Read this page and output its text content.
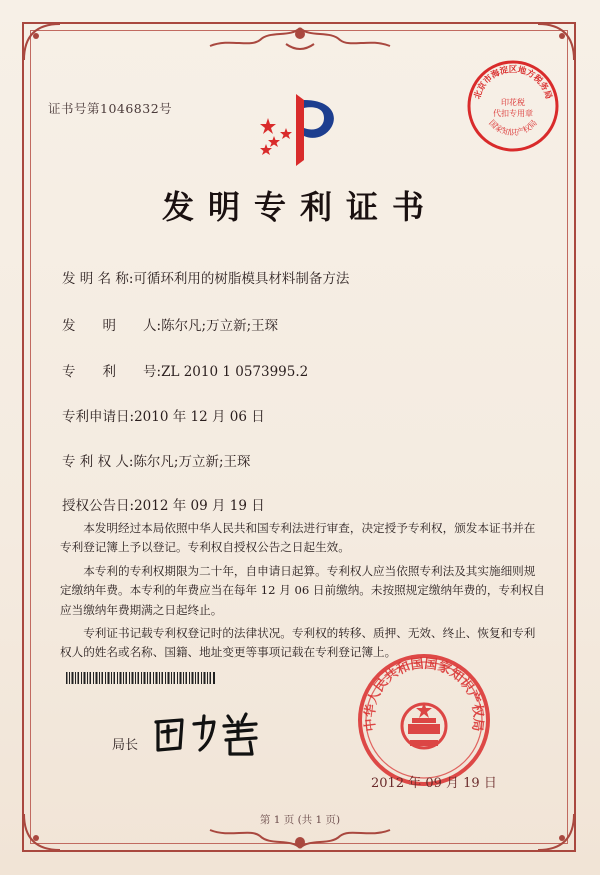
证书号第1046832号
北京市海淀区地方税务局
印花税
代扣专用章
国家知识产权局
发明专利证书
发 明 名 称:可循环利用的树脂模具材料制备方法
发　　明　　人:陈尔凡;万立新;王琛
专　　利　　号:ZL 2010 1 0573995.2
专利申请日:2010 年 12 月 06 日
专 利 权 人:陈尔凡;万立新;王琛
授权公告日:2012 年 09 月 19 日

本发明经过本局依照中华人民共和国专利法进行审查，决定授予专利权，颁发本证书并在专利登记簿上予以登记。专利权自授权公告之日起生效。

本专利的专利权期限为二十年，自申请日起算。专利权人应当依照专利法及其实施细则规定缴纳年费。本专利的年费应当在每年 12 月 06 日前缴纳。未按照规定缴纳年费的，专利权自应当缴纳年费期满之日起终止。

专利证书记载专利权登记时的法律状况。专利权的转移、质押、无效、终止、恢复和专利权人的姓名或名称、国籍、地址变更等事项记载在专利登记簿上。

局长
中华人民共和国国家知识产权局
2012 年 09 月 19 日
第 1 页 (共 1 页)
